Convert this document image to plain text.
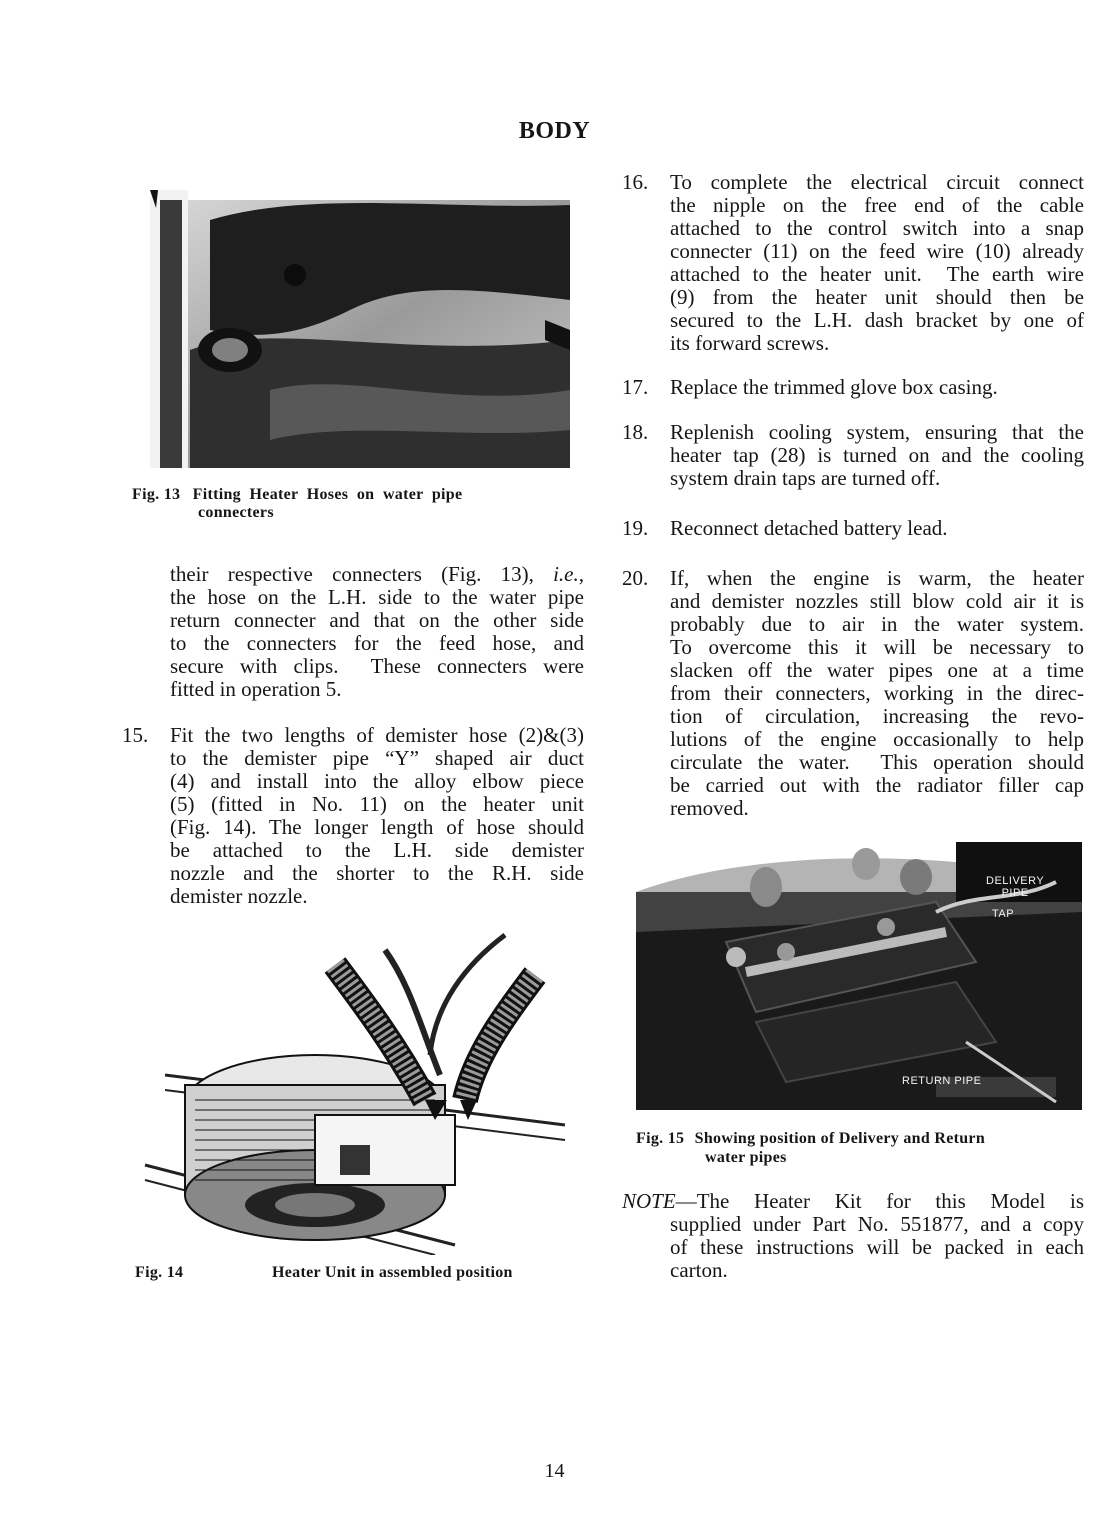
BODY
Fig. 13 Fitting  Heater  Hoses  on  water  pipe
connecters
their respective connecters (Fig. 13), i.e.,
the hose on the L.H. side to the water pipe
return connecter and that on the other side
to the connecters for the feed hose, and
secure with clips.  These connecters were
fitted in operation 5.
15. Fit the two lengths of demister hose (2)&(3)
to the demister pipe “Y” shaped air duct
(4) and install into the alloy elbow piece
(5) (fitted in No. 11) on the heater unit
(Fig. 14). The longer length of hose should
be attached to the L.H. side demister
nozzle and the shorter to the R.H. side
demister nozzle.
Fig. 14	Heater Unit in assembled position
16. To complete the electrical circuit connect
the nipple on the free end of the cable
attached to the control switch into a snap
connecter (11) on the feed wire (10) already
attached to the heater unit.  The earth wire
(9) from the heater unit should then be
secured to the L.H. dash bracket by one of
its forward screws.
17. Replace the trimmed glove box casing.
18. Replenish cooling system, ensuring that the
heater tap (28) is turned on and the cooling
system drain taps are turned off.
19. Reconnect detached battery lead.
20. If, when the engine is warm, the heater
and demister nozzles still blow cold air it is
probably due to air in the water system.
To overcome this it will be necessary to
slacken off the water pipes one at a time
from their connecters, working in the direc-
tion of circulation, increasing the revo-
lutions of the engine occasionally to help
circulate the water.  This operation should
be carried out with the radiator filler cap
removed.
DELIVERY
PIPE
TAP
RETURN PIPE
Fig. 15 Showing position of Delivery and Return
water pipes
NOTE—The Heater Kit for this Model is
supplied under Part No. 551877, and a copy
of these instructions will be packed in each
carton.
14
